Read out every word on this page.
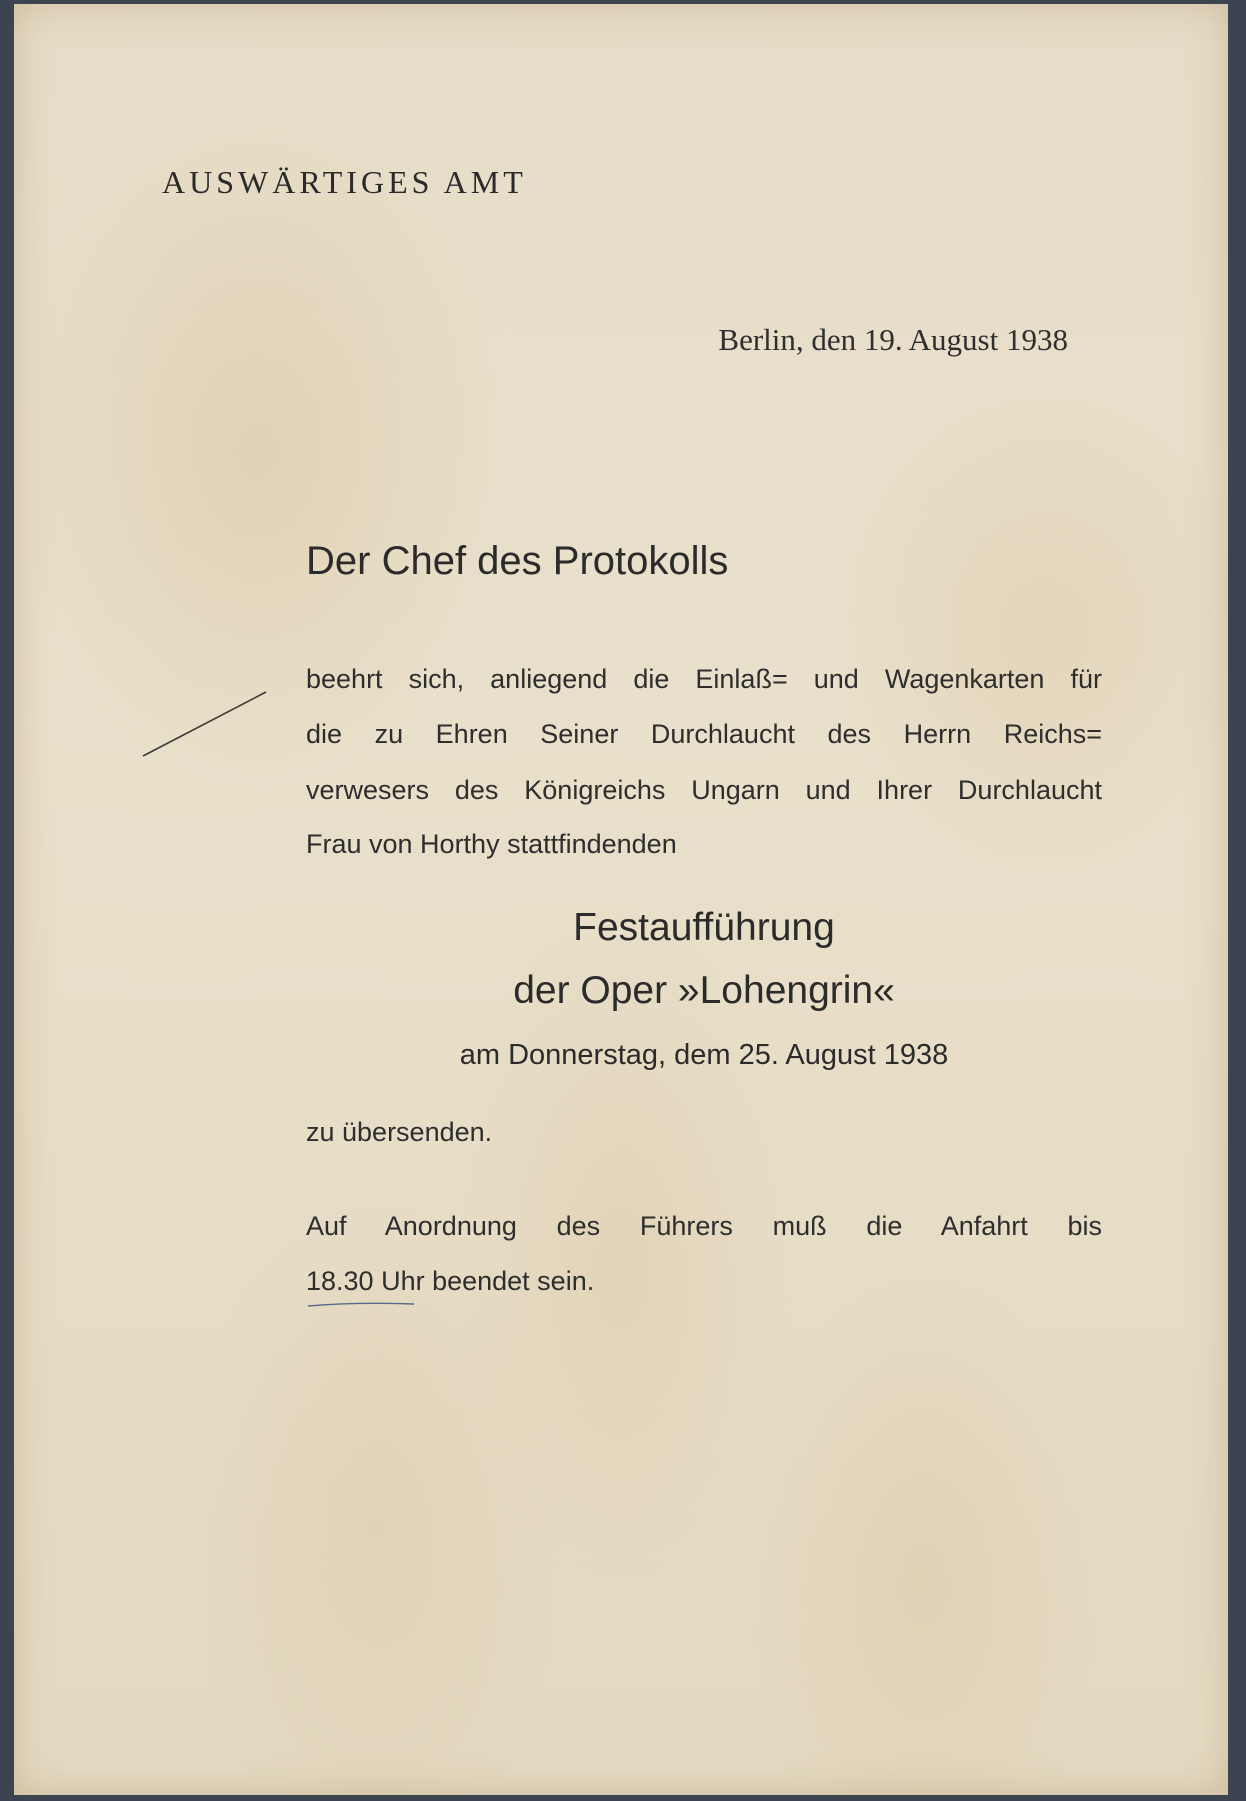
AUSWÄRTIGES AMT
Berlin, den 19. August 1938
Der Chef des Protokolls
beehrt sich, anliegend die Einlaß= und Wagenkarten für
die zu Ehren Seiner Durchlaucht des Herrn Reichs=
verwesers des Königreichs Ungarn und Ihrer Durchlaucht
Frau von Horthy stattfindenden
Festaufführung
der Oper »Lohengrin«
am Donnerstag, dem 25. August 1938
zu übersenden.
Auf Anordnung des Führers muß die Anfahrt bis
18.30 Uhr beendet sein.
